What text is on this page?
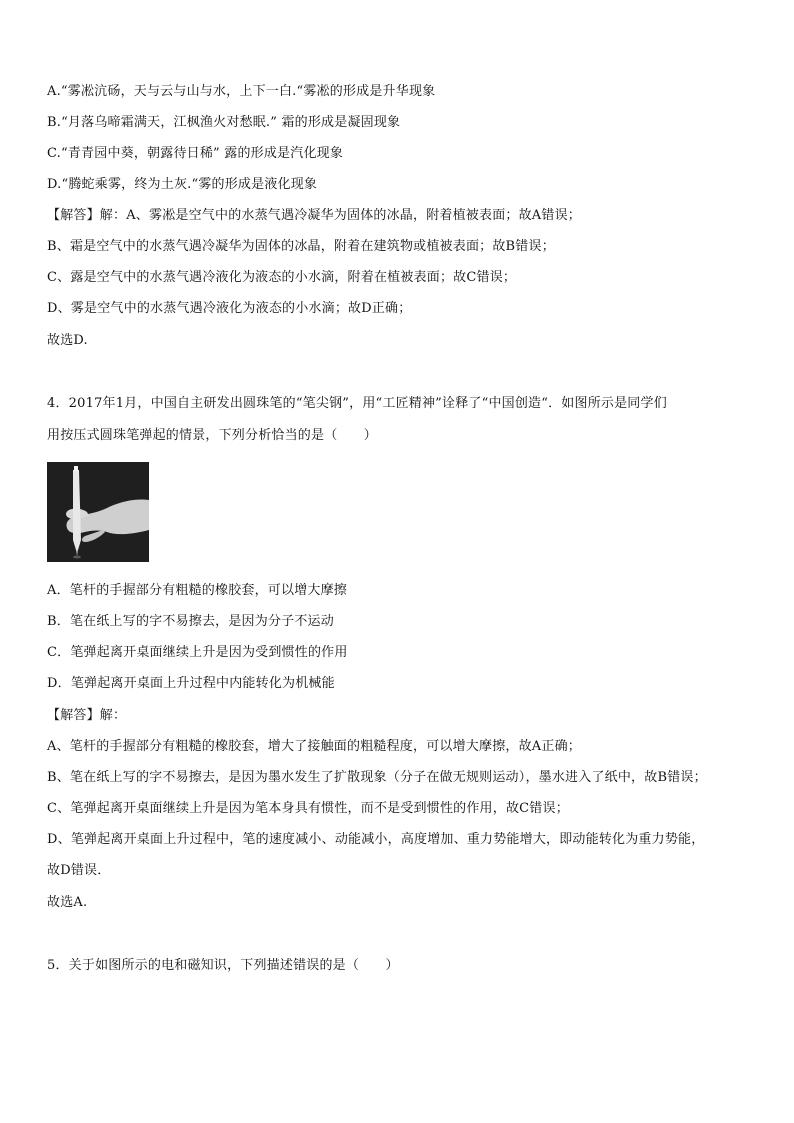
A.“雾凇沆砀，天与云与山与水，上下一白.“雾凇的形成是升华现象
B.“月落乌啼霜满天，江枫渔火对愁眠.” 霜的形成是凝固现象
C.“青青园中葵，朝露待日稀” 露的形成是汽化现象
D.“腾蛇乘雾，终为土灰.“雾的形成是液化现象
【解答】解：A、雾凇是空气中的水蒸气遇冷凝华为固体的冰晶，附着植被表面；故A错误；
B、霜是空气中的水蒸气遇冷凝华为固体的冰晶，附着在建筑物或植被表面；故B错误；
C、露是空气中的水蒸气遇冷液化为液态的小水滴，附着在植被表面；故C错误；
D、雾是空气中的水蒸气遇冷液化为液态的小水滴；故D正确；
故选D.
4．2017年1月，中国自主研发出圆珠笔的“笔尖钢”，用“工匠精神”诠释了“中国创造“．如图所示是同学们
用按压式圆珠笔弹起的情景，下列分析恰当的是（　　）
A．笔杆的手握部分有粗糙的橡胶套，可以增大摩擦
B．笔在纸上写的字不易擦去，是因为分子不运动
C．笔弹起离开桌面继续上升是因为受到惯性的作用
D．笔弹起离开桌面上升过程中内能转化为机械能
【解答】解：
A、笔杆的手握部分有粗糙的橡胶套，增大了接触面的粗糙程度，可以增大摩擦，故A正确；
B、笔在纸上写的字不易擦去，是因为墨水发生了扩散现象（分子在做无规则运动），墨水进入了纸中，故B错误；
C、笔弹起离开桌面继续上升是因为笔本身具有惯性，而不是受到惯性的作用，故C错误；
D、笔弹起离开桌面上升过程中，笔的速度减小、动能减小，高度增加、重力势能增大，即动能转化为重力势能，
故D错误．
故选A.
5．关于如图所示的电和磁知识，下列描述错误的是（　　）
